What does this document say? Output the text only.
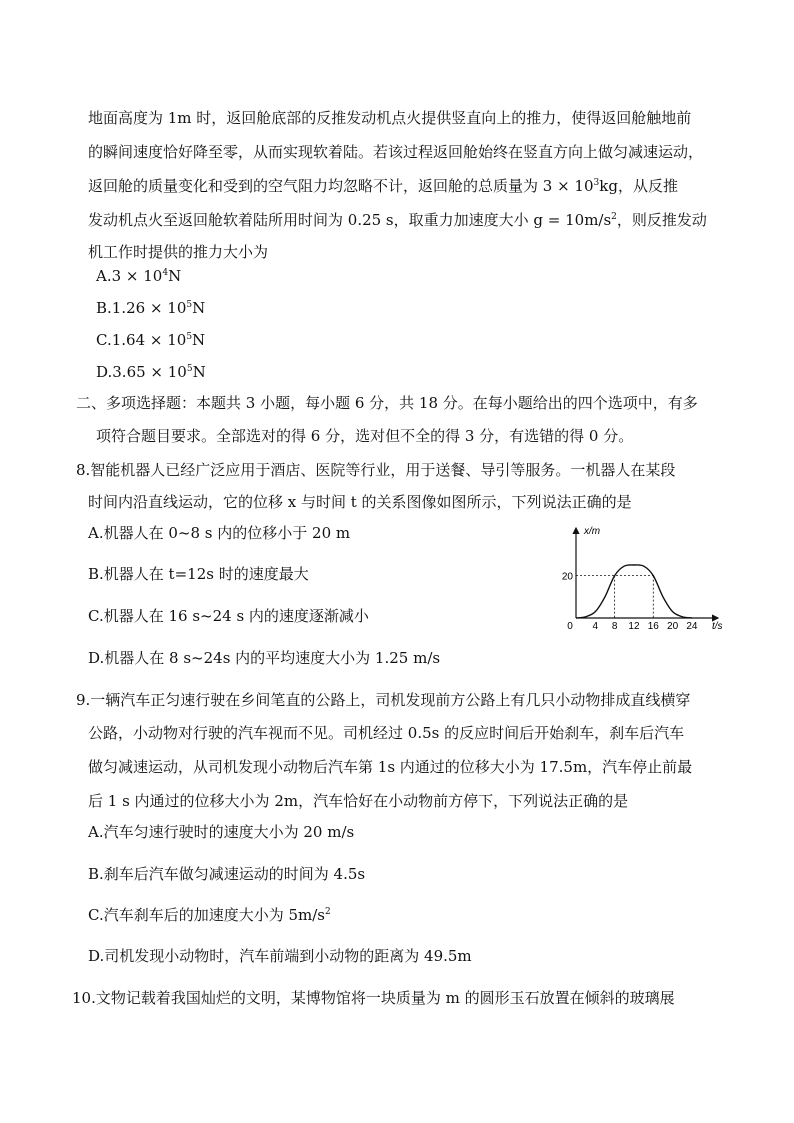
地面高度为 1m 时，返回舱底部的反推发动机点火提供竖直向上的推力，使得返回舱触地前
的瞬间速度恰好降至零，从而实现软着陆。若该过程返回舱始终在竖直方向上做匀减速运动，
返回舱的质量变化和受到的空气阻力均忽略不计，返回舱的总质量为 $3 \times 10^3kg$，从反推
发动机点火至返回舱软着陆所用时间为 0.25 s，取重力加速度大小 $g = 10m/s^2$，则反推发动
机工作时提供的推力大小为
$A.3 \times 10^4N$
$B.1.26 \times 10^5N$
$C.1.64 \times 10^5N$
$D.3.65 \times 10^5N$
二、多项选择题：本题共 3 小题，每小题 6 分，共 18 分。在每小题给出的四个选项中，有多
项符合题目要求。全部选对的得 6 分，选对但不全的得 3 分，有选错的得 0 分。
8.智能机器人已经广泛应用于酒店、医院等行业，用于送餐、导引等服务。一机器人在某段
时间内沿直线运动，它的位移 x 与时间 t 的关系图像如图所示，下列说法正确的是
A.机器人在 0~8 s 内的位移小于 20 m
B.机器人在 t=12s 时的速度最大
C.机器人在 16 s~24 s 内的速度逐渐减小
D.机器人在 8 s~24s 内的平均速度大小为 1.25 m/s
x/m
t/s
0 4 8 12 16 20 24
20
9.一辆汽车正匀速行驶在乡间笔直的公路上，司机发现前方公路上有几只小动物排成直线横穿
公路，小动物对行驶的汽车视而不见。司机经过 0.5s 的反应时间后开始刹车，刹车后汽车
做匀减速运动，从司机发现小动物后汽车第 1s 内通过的位移大小为 17.5m，汽车停止前最
后 1 s 内通过的位移大小为 2m，汽车恰好在小动物前方停下，下列说法正确的是
A.汽车匀速行驶时的速度大小为 20 m/s
B.刹车后汽车做匀减速运动的时间为 4.5s
C.汽车刹车后的加速度大小为 $5m/s^2$
D.司机发现小动物时，汽车前端到小动物的距离为 49.5m
10.文物记载着我国灿烂的文明，某博物馆将一块质量为 m 的圆形玉石放置在倾斜的玻璃展
